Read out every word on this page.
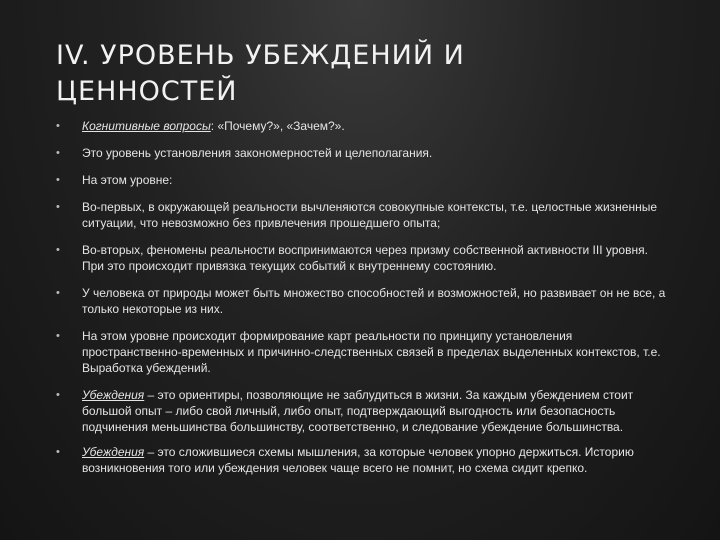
IV. УРОВЕНЬ УБЕЖДЕНИЙ И
ЦЕННОСТЕЙ
•	Когнитивные вопросы: «Почему?», «Зачем?».
•	Это уровень установления закономерностей и целеполагания.
•	На этом уровне:
•	Во-первых, в окружающей реальности вычленяются совокупные контексты, т.е. целостные жизненные ситуации, что невозможно без привлечения прошедшего опыта;
•	Во-вторых, феномены реальности воспринимаются через призму собственной активности III уровня. При это происходит привязка текущих событий к внутреннему состоянию.
•	У человека от природы может быть множество способностей и возможностей, но развивает он не все, а только некоторые из них.
•	На этом уровне происходит формирование карт реальности по принципу установления пространственно-временных и причинно-следственных связей в пределах выделенных контекстов, т.е. Выработка убеждений.
•	Убеждения – это ориентиры, позволяющие не заблудиться в жизни. За каждым убеждением стоит большой опыт – либо свой личный, либо опыт, подтверждающий выгодность или безопасность подчинения меньшинства большинству, соответственно, и следование убеждение большинства.
•	Убеждения – это сложившиеся схемы мышления, за которые человек упорно держиться. Историю возникновения того или убеждения человек чаще всего не помнит, но схема сидит крепко.
